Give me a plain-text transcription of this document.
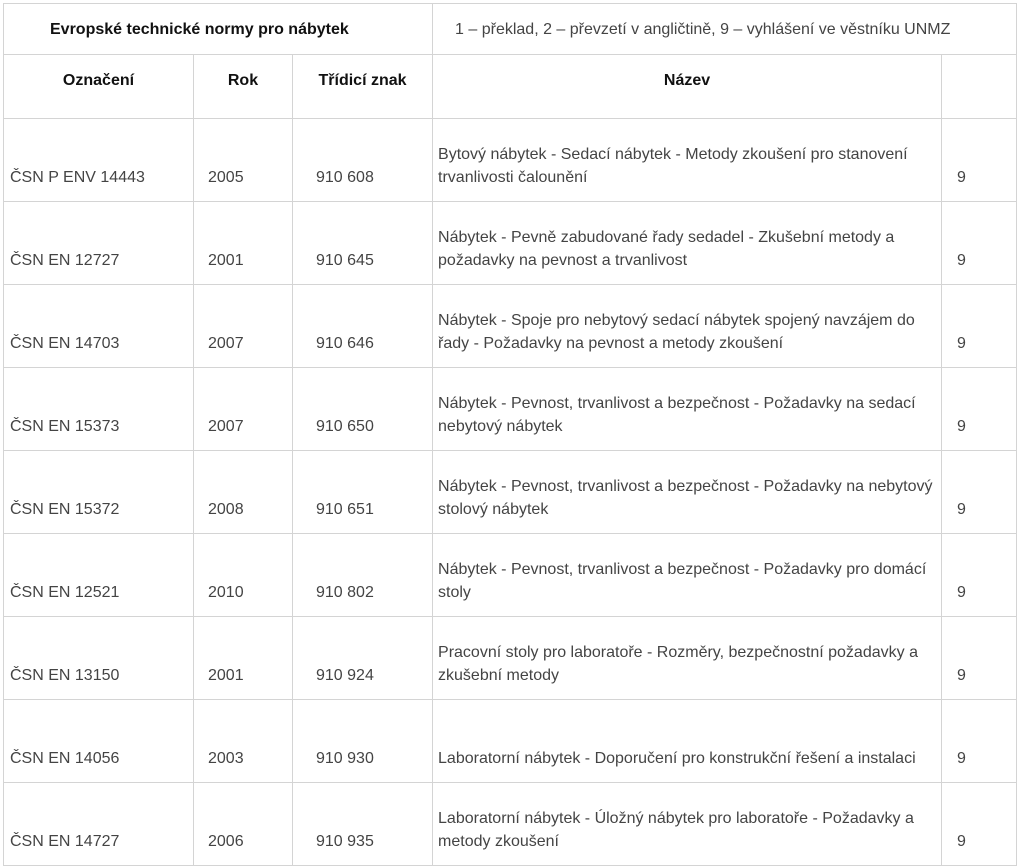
Evropské technické normy pro nábytek			1 – překlad, 2 – převzetí v angličtině, 9 – vyhlášení ve věstníku UNMZ	
Označení	Rok	Třídicí znak	Název	
ČSN P ENV 14443	2005	910 608	Bytový nábytek - Sedací nábytek - Metody zkoušení pro stanovení trvanlivosti čalounění	9
ČSN EN 12727	2001	910 645	Nábytek - Pevně zabudované řady sedadel - Zkušební metody a požadavky na pevnost a trvanlivost	9
ČSN EN 14703	2007	910 646	Nábytek - Spoje pro nebytový sedací nábytek spojený navzájem do řady - Požadavky na pevnost a metody zkoušení	9
ČSN EN 15373	2007	910 650	Nábytek - Pevnost, trvanlivost a bezpečnost - Požadavky na sedací nebytový nábytek	9
ČSN EN 15372	2008	910 651	Nábytek - Pevnost, trvanlivost a bezpečnost - Požadavky na nebytový stolový nábytek	9
ČSN EN 12521	2010	910 802	Nábytek - Pevnost, trvanlivost a bezpečnost - Požadavky pro domácí stoly	9
ČSN EN 13150	2001	910 924	Pracovní stoly pro laboratoře - Rozměry, bezpečnostní požadavky a zkušební metody	9
ČSN EN 14056	2003	910 930	Laboratorní nábytek - Doporučení pro konstrukční řešení a instalaci	9
ČSN EN 14727	2006	910 935	Laboratorní nábytek - Úložný nábytek pro laboratoře - Požadavky a metody zkoušení	9
